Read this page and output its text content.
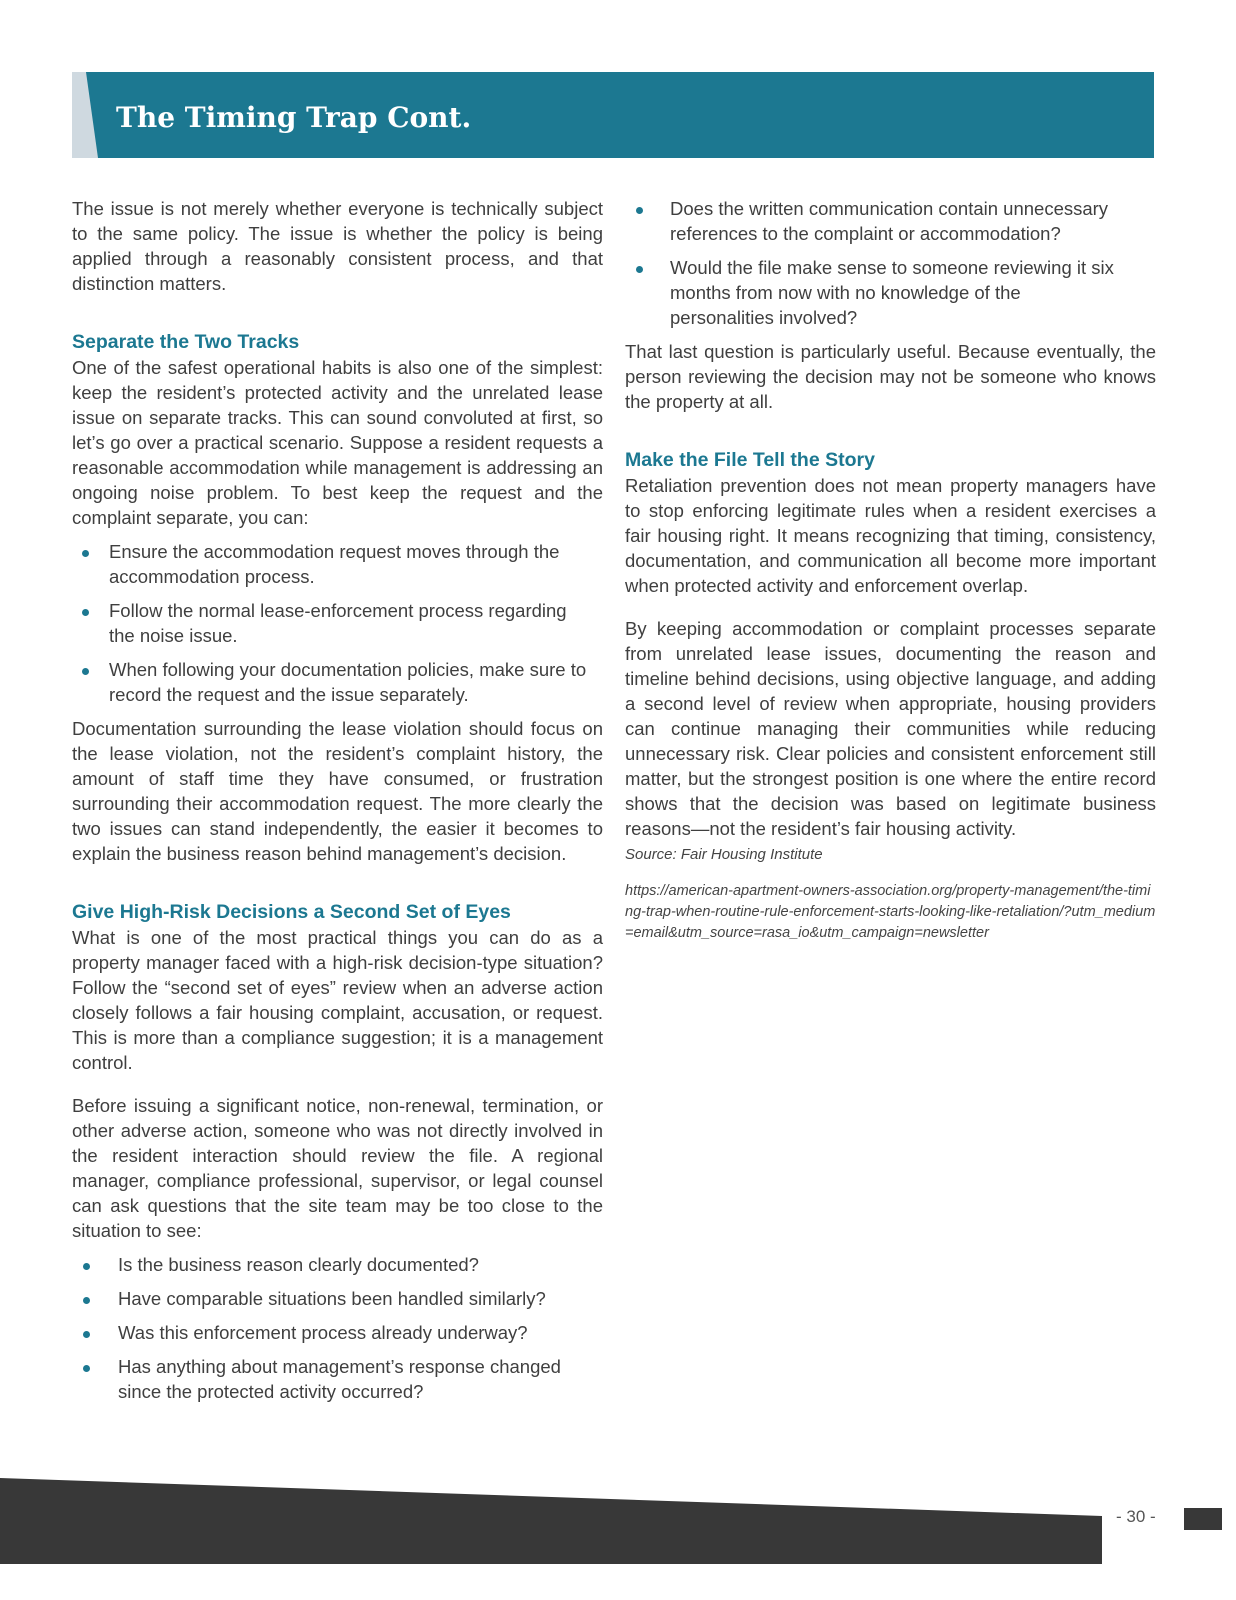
The Timing Trap Cont.

The issue is not merely whether everyone is technically subject to the same policy. The issue is whether the policy is being applied through a reasonably consistent process, and that distinction matters.

Separate the Two Tracks

One of the safest operational habits is also one of the simplest: keep the resident’s protected activity and the unrelated lease issue on separate tracks. This can sound convoluted at first, so let’s go over a practical scenario. Suppose a resident requests a reasonable accommodation while management is addressing an ongoing noise problem. To best keep the request and the complaint separate, you can:

Ensure the accommodation request moves through the accommodation process.
Follow the normal lease-enforcement process regarding the noise issue.
When following your documentation policies, make sure to record the request and the issue separately.

Documentation surrounding the lease violation should focus on the lease violation, not the resident’s complaint history, the amount of staff time they have consumed, or frustration surrounding their accommodation request. The more clearly the two issues can stand independently, the easier it becomes to explain the business reason behind management’s decision.

Give High-Risk Decisions a Second Set of Eyes

What is one of the most practical things you can do as a property manager faced with a high-risk decision-type situation? Follow the “second set of eyes” review when an adverse action closely follows a fair housing complaint, accusation, or request. This is more than a compliance suggestion; it is a management control.

Before issuing a significant notice, non-renewal, termination, or other adverse action, someone who was not directly involved in the resident interaction should review the file. A regional manager, compliance professional, supervisor, or legal counsel can ask questions that the site team may be too close to the situation to see:

Is the business reason clearly documented?
Have comparable situations been handled similarly?
Was this enforcement process already underway?
Has anything about management’s response changed since the protected activity occurred?
Does the written communication contain unnecessary references to the complaint or accommodation?
Would the file make sense to someone reviewing it six months from now with no knowledge of the personalities involved?

That last question is particularly useful. Because eventually, the person reviewing the decision may not be someone who knows the property at all.

Make the File Tell the Story

Retaliation prevention does not mean property managers have to stop enforcing legitimate rules when a resident exercises a fair housing right. It means recognizing that timing, consistency, documentation, and communication all become more important when protected activity and enforcement overlap.

By keeping accommodation or complaint processes separate from unrelated lease issues, documenting the reason and timeline behind decisions, using objective language, and adding a second level of review when appropriate, housing providers can continue managing their communities while reducing unnecessary risk. Clear policies and consistent enforcement still matter, but the strongest position is one where the entire record shows that the decision was based on legitimate business reasons—not the resident’s fair housing activity.

Source: Fair Housing Institute

https://american-apartment-owners-association.org/property-management/the-timing-trap-when-routine-rule-enforcement-starts-looking-like-retaliation/?utm_medium=email&utm_source=rasa_io&utm_campaign=newsletter

- 30 -
